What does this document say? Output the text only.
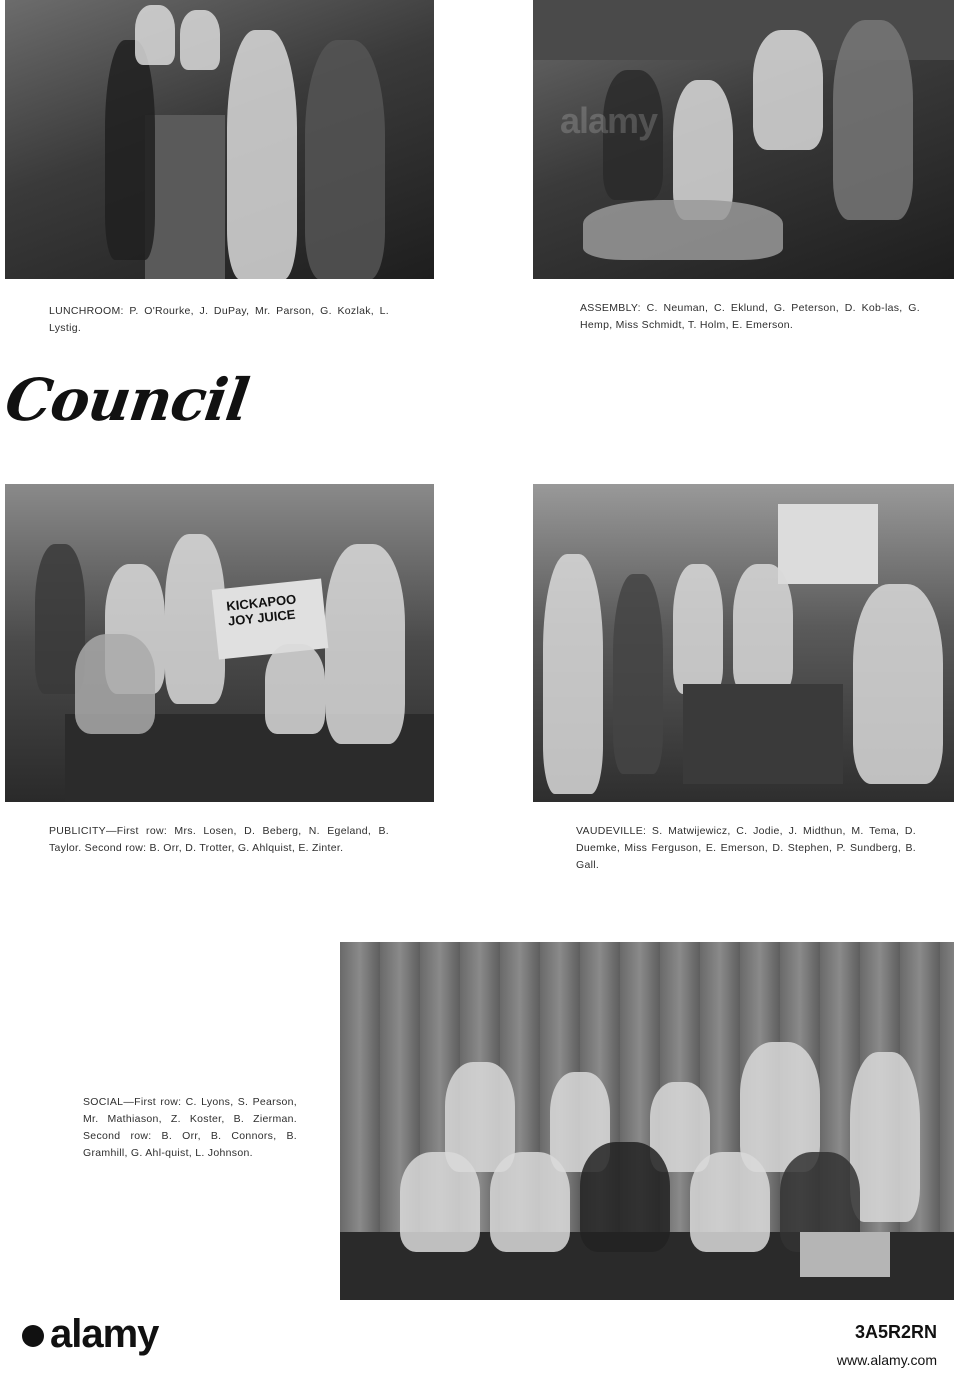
LUNCHROOM: P. O'Rourke, J. DuPay, Mr. Parson, G. Kozlak, L. Lystig.
ASSEMBLY: C. Neuman, C. Eklund, G. Peterson, D. Kob-las, G. Hemp, Miss Schmidt, T. Holm, E. Emerson.
Council
KICKAPOO JOY JUICE
PUBLICITY—First row: Mrs. Losen, D. Beberg, N. Egeland, B. Taylor. Second row: B. Orr, D. Trotter, G. Ahlquist, E. Zinter.
VAUDEVILLE: S. Matwijewicz, C. Jodie, J. Midthun, M. Tema, D. Duemke, Miss Ferguson, E. Emerson, D. Stephen, P. Sundberg, B. Gall.
SOCIAL—First row: C. Lyons, S. Pearson, Mr. Mathiason, Z. Koster, B. Zierman. Second row: B. Orr, B. Connors, B. Gramhill, G. Ahl-quist, L. Johnson.
alamy
alamy	3A5R2RN
www.alamy.com
